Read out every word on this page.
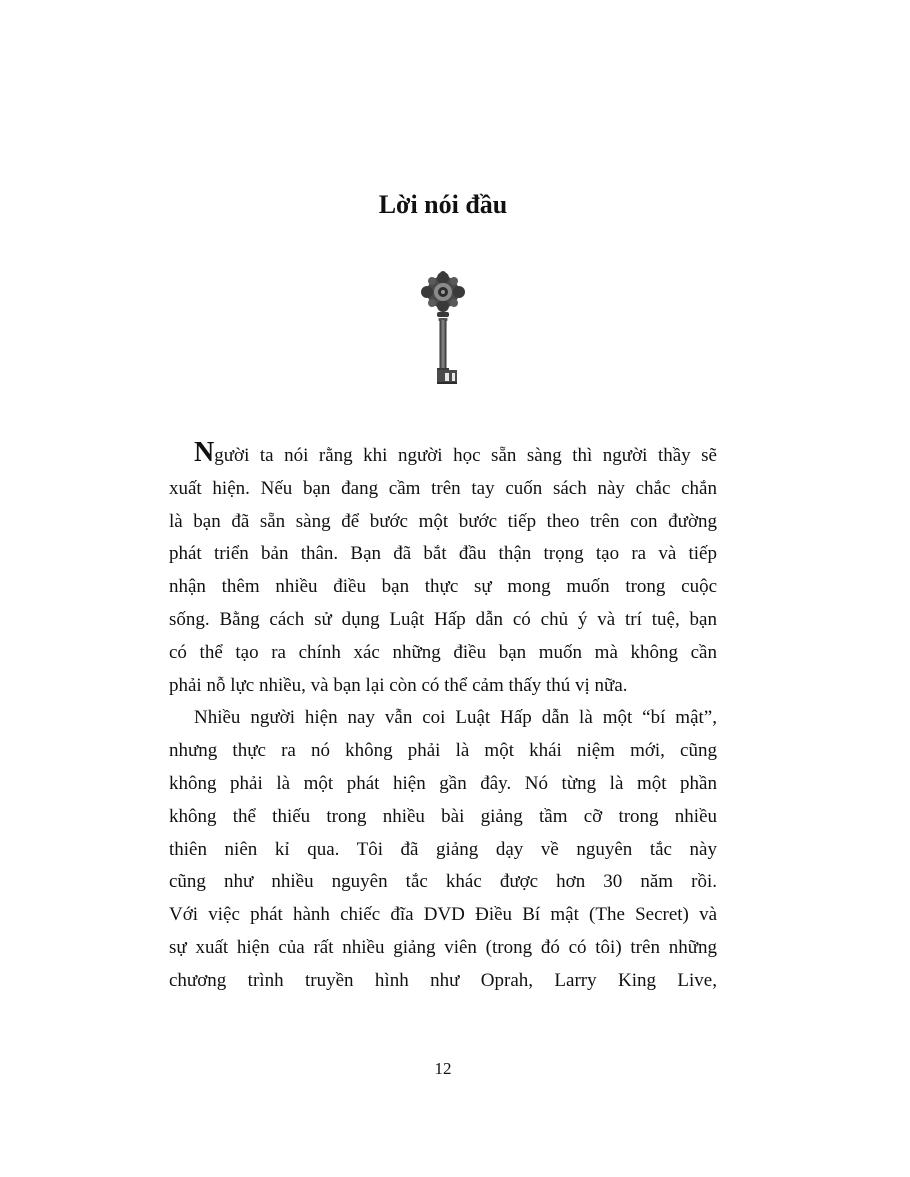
Lời nói đầu
Người ta nói rằng khi người học sẵn sàng thì người thầy sẽ
xuất hiện. Nếu bạn đang cầm trên tay cuốn sách này chắc chắn
là bạn đã sẵn sàng để bước một bước tiếp theo trên con đường
phát triển bản thân. Bạn đã bắt đầu thận trọng tạo ra và tiếp
nhận thêm nhiều điều bạn thực sự mong muốn trong cuộc
sống. Bằng cách sử dụng Luật Hấp dẫn có chủ ý và trí tuệ, bạn
có thể tạo ra chính xác những điều bạn muốn mà không cần
phải nỗ lực nhiều, và bạn lại còn có thể cảm thấy thú vị nữa.
Nhiều người hiện nay vẫn coi Luật Hấp dẫn là một “bí mật”,
nhưng thực ra nó không phải là một khái niệm mới, cũng
không phải là một phát hiện gần đây. Nó từng là một phần
không thể thiếu trong nhiều bài giảng tầm cỡ trong nhiều
thiên niên kỉ qua. Tôi đã giảng dạy về nguyên tắc này
cũng như nhiều nguyên tắc khác được hơn 30 năm rồi.
Với việc phát hành chiếc đĩa DVD Điều Bí mật (The Secret) và
sự xuất hiện của rất nhiều giảng viên (trong đó có tôi) trên những
chương trình truyền hình như Oprah, Larry King Live,
12
